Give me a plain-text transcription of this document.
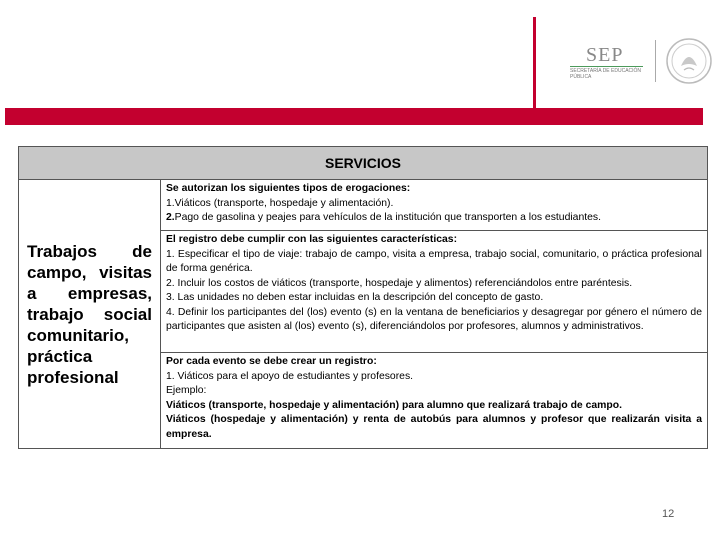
SEP
SECRETARÍA DE EDUCACIÓN PÚBLICA
SERVICIOS

Trabajos de campo, visitas a empresas, trabajo social comunitario, práctica profesional

Se autorizan los siguientes tipos de erogaciones:
1.Viáticos (transporte, hospedaje y alimentación).
2.Pago de gasolina y peajes para vehículos de la institución que transporten a los estudiantes.
El registro debe cumplir con las siguientes características:
1. Especificar el tipo de viaje: trabajo de campo, visita a empresa, trabajo social, comunitario, o práctica profesional de forma genérica.
2. Incluir los costos de viáticos (transporte, hospedaje y alimentos) referenciándolos entre paréntesis.
3. Las unidades no deben estar incluidas en la descripción del concepto de gasto.
4. Definir los participantes del (los) evento (s) en la ventana de beneficiarios y desagregar por género el número de participantes que asisten al (los) evento (s), diferenciándolos por profesores, alumnos y administrativos.
Por cada evento se debe crear un registro:
1. Viáticos para el apoyo de estudiantes y profesores.
Ejemplo:
Viáticos (transporte, hospedaje y alimentación) para alumno que realizará trabajo de campo.
Viáticos (hospedaje y alimentación) y renta de autobús para alumnos y profesor que realizarán visita a empresa.
12
